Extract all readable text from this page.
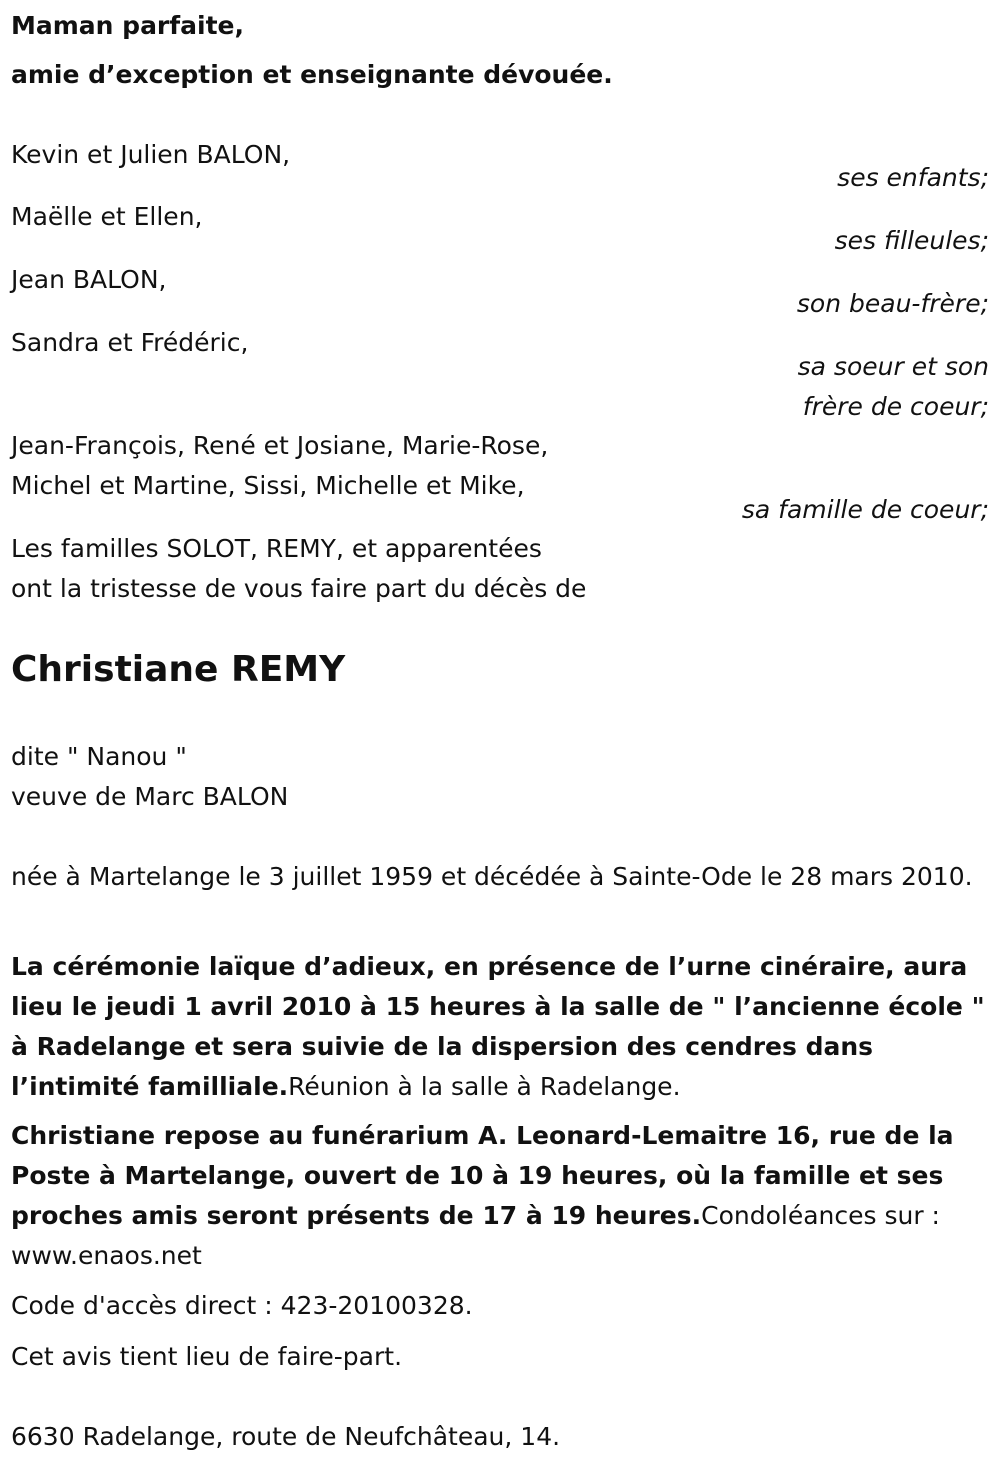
Maman parfaite,
amie d’exception et enseignante dévouée.
Kevin et Julien BALON,
ses enfants;
Maëlle et Ellen,
ses filleules;
Jean BALON,
son beau-frère;
Sandra et Frédéric,
sa soeur et son
frère de coeur;
Jean-François, René et Josiane, Marie-Rose,
Michel et Martine, Sissi, Michelle et Mike,
sa famille de coeur;
Les familles SOLOT, REMY, et apparentées
ont la tristesse de vous faire part du décès de
Christiane REMY
dite " Nanou "
veuve de Marc BALON
née à Martelange le 3 juillet 1959 et décédée à Sainte-Ode le 28 mars 2010.
La cérémonie laïque d’adieux, en présence de l’urne cinéraire, aura lieu le jeudi 1 avril 2010 à 15 heures à la salle de " l’ancienne école " à Radelange et sera suivie de la dispersion des cendres dans l’intimité familliale.Réunion à la salle à Radelange.
Christiane repose au funérarium A. Leonard-Lemaitre 16, rue de la Poste à Martelange, ouvert de 10 à 19 heures, où la famille et ses proches amis seront présents de 17 à 19 heures.Condoléances sur : www.enaos.net
Code d'accès direct : 423-20100328.
Cet avis tient lieu de faire-part.
6630 Radelange, route de Neufchâteau, 14.
